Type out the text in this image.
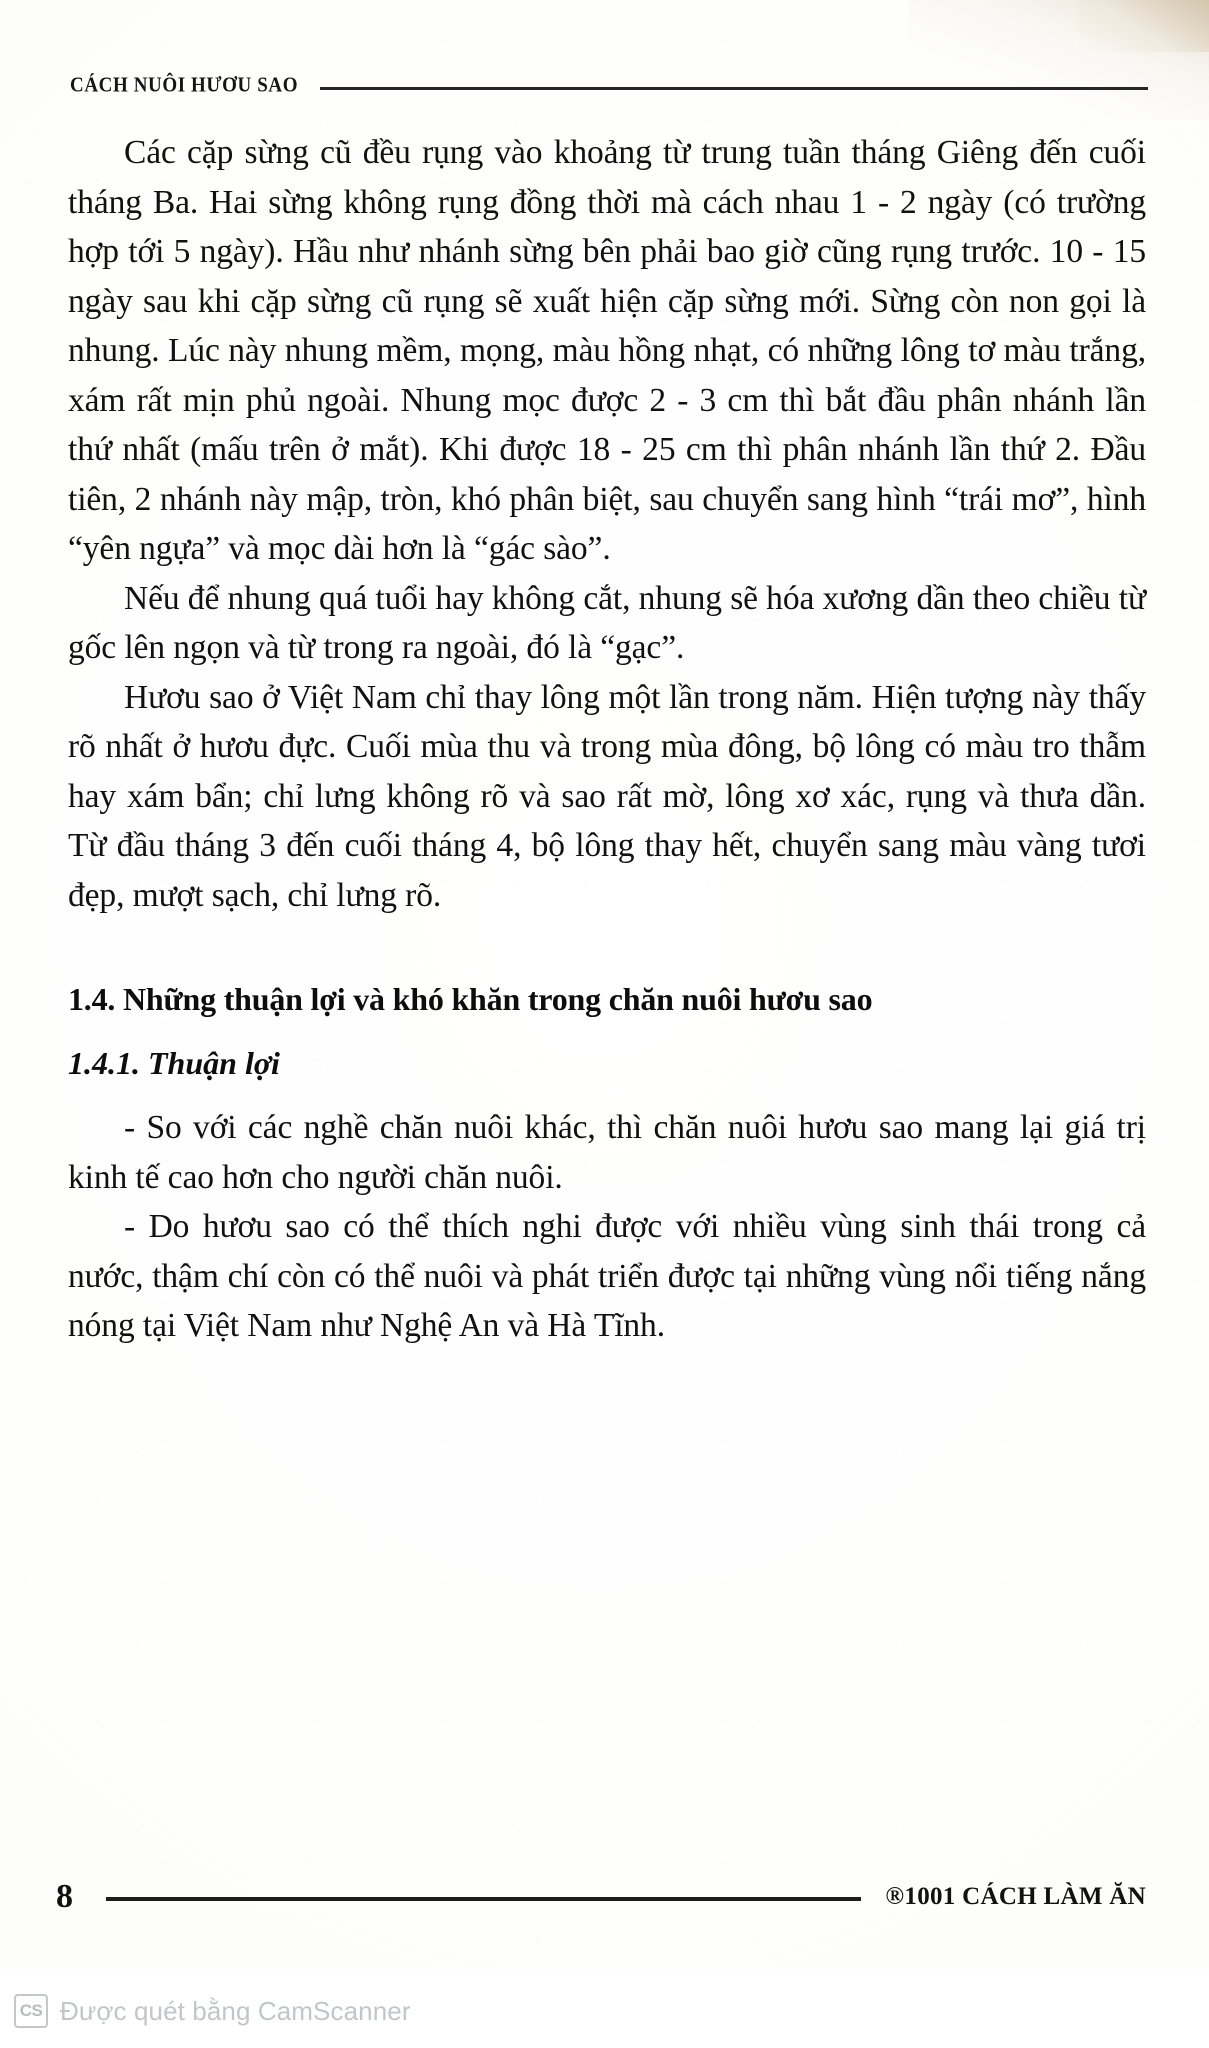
CÁCH NUÔI HƯƠU SAO

Các cặp sừng cũ đều rụng vào khoảng từ trung tuần tháng Giêng đến cuối tháng Ba. Hai sừng không rụng đồng thời mà cách nhau 1 - 2 ngày (có trường hợp tới 5 ngày). Hầu như nhánh sừng bên phải bao giờ cũng rụng trước. 10 - 15 ngày sau khi cặp sừng cũ rụng sẽ xuất hiện cặp sừng mới. Sừng còn non gọi là nhung. Lúc này nhung mềm, mọng, màu hồng nhạt, có những lông tơ màu trắng, xám rất mịn phủ ngoài. Nhung mọc được 2 - 3 cm thì bắt đầu phân nhánh lần thứ nhất (mấu trên ở mắt). Khi được 18 - 25 cm thì phân nhánh lần thứ 2. Đầu tiên, 2 nhánh này mập, tròn, khó phân biệt, sau chuyển sang hình “trái mơ”, hình “yên ngựa” và mọc dài hơn là “gác sào”.

Nếu để nhung quá tuổi hay không cắt, nhung sẽ hóa xương dần theo chiều từ gốc lên ngọn và từ trong ra ngoài, đó là “gạc”.

Hươu sao ở Việt Nam chỉ thay lông một lần trong năm. Hiện tượng này thấy rõ nhất ở hươu đực. Cuối mùa thu và trong mùa đông, bộ lông có màu tro thẫm hay xám bẩn; chỉ lưng không rõ và sao rất mờ, lông xơ xác, rụng và thưa dần. Từ đầu tháng 3 đến cuối tháng 4, bộ lông thay hết, chuyển sang màu vàng tươi đẹp, mượt sạch, chỉ lưng rõ.

1.4. Những thuận lợi và khó khăn trong chăn nuôi hươu sao
1.4.1. Thuận lợi

- So với các nghề chăn nuôi khác, thì chăn nuôi hươu sao mang lại giá trị kinh tế cao hơn cho người chăn nuôi.

- Do hươu sao có thể thích nghi được với nhiều vùng sinh thái trong cả nước, thậm chí còn có thể nuôi và phát triển được tại những vùng nổi tiếng nắng nóng tại Việt Nam như Nghệ An và Hà Tĩnh.

8	®1001 CÁCH LÀM ĂN
CS Được quét bằng CamScanner
